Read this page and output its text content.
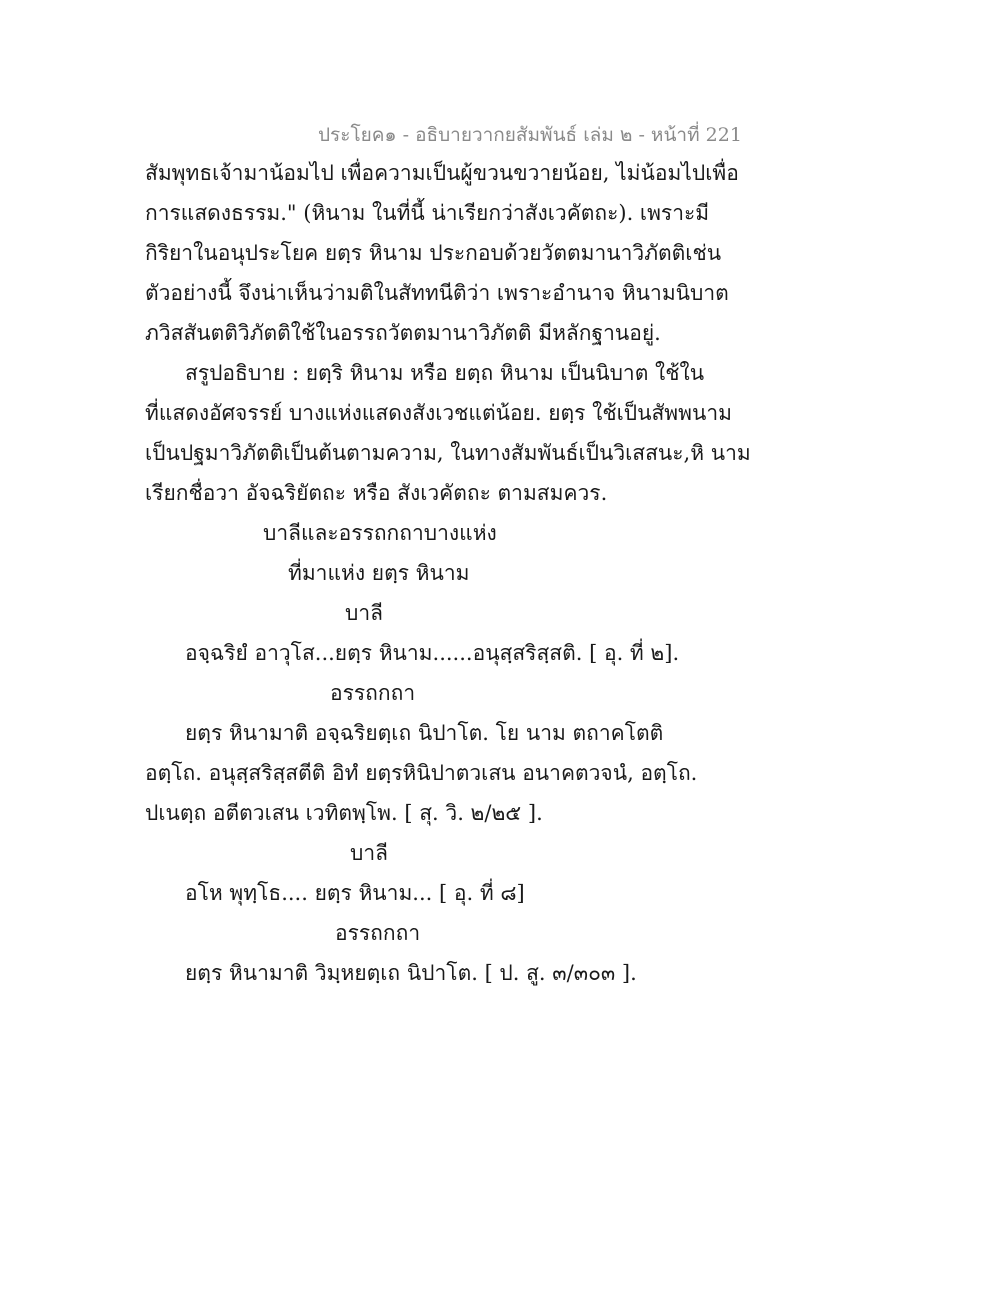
ประโยค๑ - อธิบายวากยสัมพันธ์ เล่ม ๒ - หน้าที่ 221
สัมพุทธเจ้ามาน้อมไป เพื่อความเป็นผู้ขวนขวายน้อย, ไม่น้อมไปเพื่อ
การแสดงธรรม." (หินาม ในที่นี้ น่าเรียกว่าสังเวคัตถะ). เพราะมี
กิริยาในอนุประโยค ยตฺร หินาม ประกอบด้วยวัตตมานาวิภัตติเช่น
ตัวอย่างนี้ จึงน่าเห็นว่ามติในสัททนีติว่า เพราะอำนาจ หินามนิบาต
ภวิสสันตติวิภัตติใช้ในอรรถวัตตมานาวิภัตติ มีหลักฐานอยู่.
สรูปอธิบาย : ยตฺริ หินาม หรือ ยตฺถ หินาม เป็นนิบาต ใช้ใน
ที่แสดงอัศจรรย์ บางแห่งแสดงสังเวชแต่น้อย. ยตฺร ใช้เป็นสัพพนาม
เป็นปฐมาวิภัตติเป็นต้นตามความ, ในทางสัมพันธ์เป็นวิเสสนะ,หิ นาม
เรียกชื่อวา อัจฉริยัตถะ หรือ สังเวคัตถะ ตามสมควร.
บาลีและอรรถกถาบางแห่ง
ที่มาแห่ง ยตฺร หินาม
บาลี
อจฺฉริยํ อาวุโส...ยตฺร หินาม......อนุสฺสริสฺสติ. [ อุ. ที่ ๒].
อรรถกถา
ยตฺร หินามาติ อจฺฉริยตฺเถ นิปาโต. โย นาม ตถาคโตติ
อตฺโถ. อนุสฺสริสฺสตีติ อิทํ ยตฺรหินิปาตวเสน อนาคตวจนํ, อตฺโถ.
ปเนตฺถ อตีตวเสน เวทิตพฺโพ. [ สุ. วิ. ๒/๒๕ ].
บาลี
อโห พุทฺโธ.... ยตฺร หินาม... [ อุ. ที่ ๘]
อรรถกถา
ยตฺร หินามาติ วิมฺหยตฺเถ นิปาโต. [ ป. สู. ๓/๓๐๓ ].
